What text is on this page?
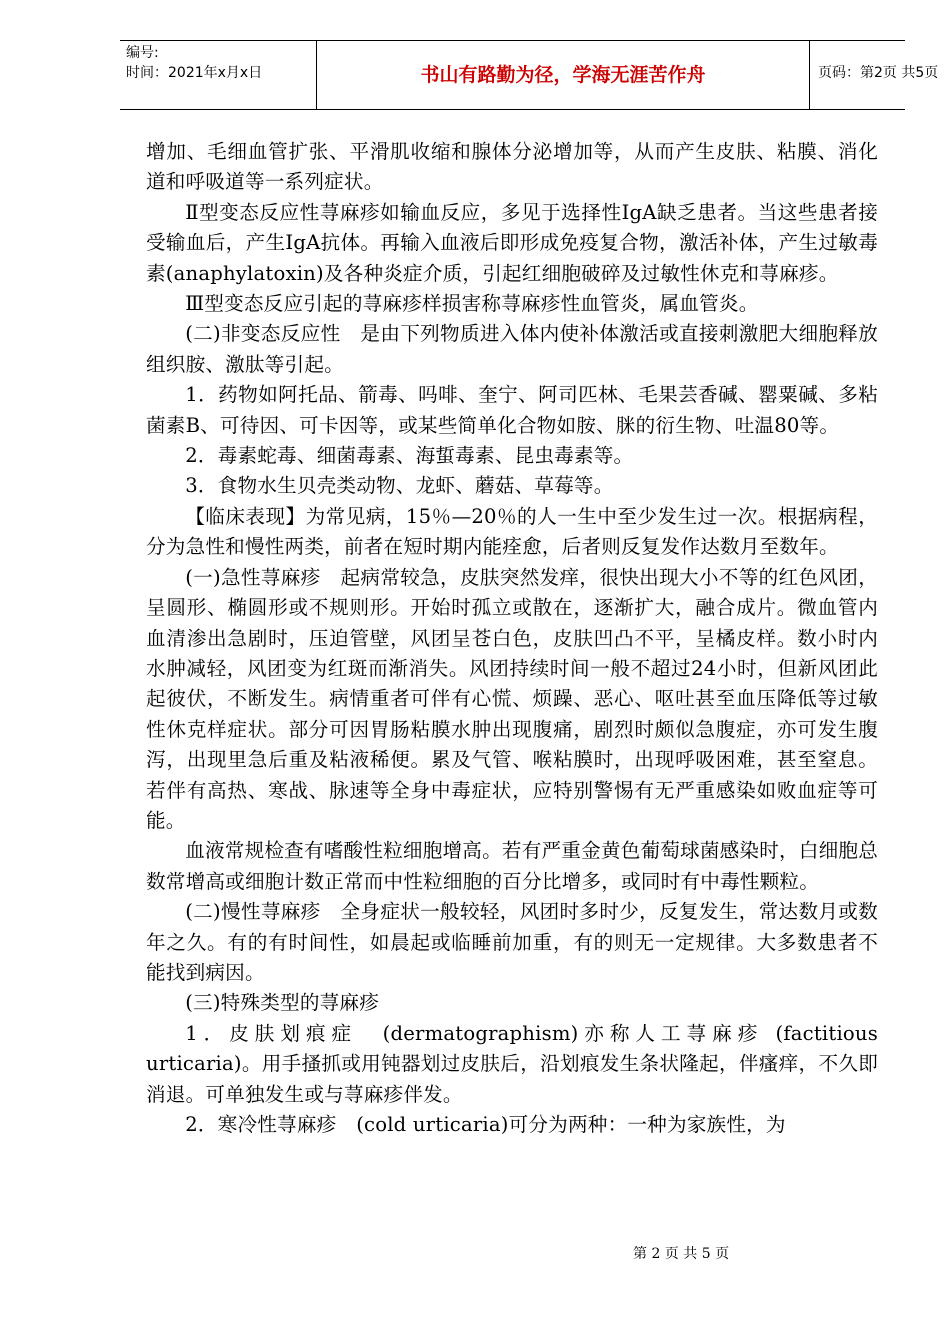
编号:
时间：2021年x月x日	书山有路勤为径，学海无涯苦作舟	页码：第2页 共5页

增加、毛细血管扩张、平滑肌收缩和腺体分泌增加等，从而产生皮肤、粘膜、消化道和呼吸道等一系列症状。

Ⅱ型变态反应性荨麻疹如输血反应，多见于选择性IgA缺乏患者。当这些患者接受输血后，产生IgA抗体。再输入血液后即形成免疫复合物，激活补体，产生过敏毒素(anaphylatoxin)及各种炎症介质，引起红细胞破碎及过敏性休克和荨麻疹。

Ⅲ型变态反应引起的荨麻疹样损害称荨麻疹性血管炎，属血管炎。

(二)非变态反应性　是由下列物质进入体内使补体激活或直接刺激肥大细胞释放组织胺、激肽等引起。

1．药物如阿托品、箭毒、吗啡、奎宁、阿司匹林、毛果芸香碱、罂粟碱、多粘菌素B、可待因、可卡因等，或某些简单化合物如胺、脒的衍生物、吐温80等。

2．毒素蛇毒、细菌毒素、海蜇毒素、昆虫毒素等。

3．食物水生贝壳类动物、龙虾、蘑菇、草莓等。

【临床表现】为常见病，15％—20％的人一生中至少发生过一次。根据病程，分为急性和慢性两类，前者在短时期内能痊愈，后者则反复发作达数月至数年。

(一)急性荨麻疹　起病常较急，皮肤突然发痒，很快出现大小不等的红色风团，呈圆形、椭圆形或不规则形。开始时孤立或散在，逐渐扩大，融合成片。微血管内血清渗出急剧时，压迫管壁，风团呈苍白色，皮肤凹凸不平，呈橘皮样。数小时内水肿减轻，风团变为红斑而渐消失。风团持续时间一般不超过24小时，但新风团此起彼伏，不断发生。病情重者可伴有心慌、烦躁、恶心、呕吐甚至血压降低等过敏性休克样症状。部分可因胃肠粘膜水肿出现腹痛，剧烈时颇似急腹症，亦可发生腹泻，出现里急后重及粘液稀便。累及气管、喉粘膜时，出现呼吸困难，甚至窒息。若伴有高热、寒战、脉速等全身中毒症状，应特别警惕有无严重感染如败血症等可能。

血液常规检查有嗜酸性粒细胞增高。若有严重金黄色葡萄球菌感染时，白细胞总数常增高或细胞计数正常而中性粒细胞的百分比增多，或同时有中毒性颗粒。

(二)慢性荨麻疹　全身症状一般较轻，风团时多时少，反复发生，常达数月或数年之久。有的有时间性，如晨起或临睡前加重，有的则无一定规律。大多数患者不能找到病因。

(三)特殊类型的荨麻疹

1．皮肤划痕症　(dermatographism)亦称人工荨麻疹 (factitious urticaria)。用手搔抓或用钝器划过皮肤后，沿划痕发生条状隆起，伴瘙痒，不久即消退。可单独发生或与荨麻疹伴发。

2．寒冷性荨麻疹　(cold urticaria)可分为两种：一种为家族性，为

第 2 页 共 5 页
